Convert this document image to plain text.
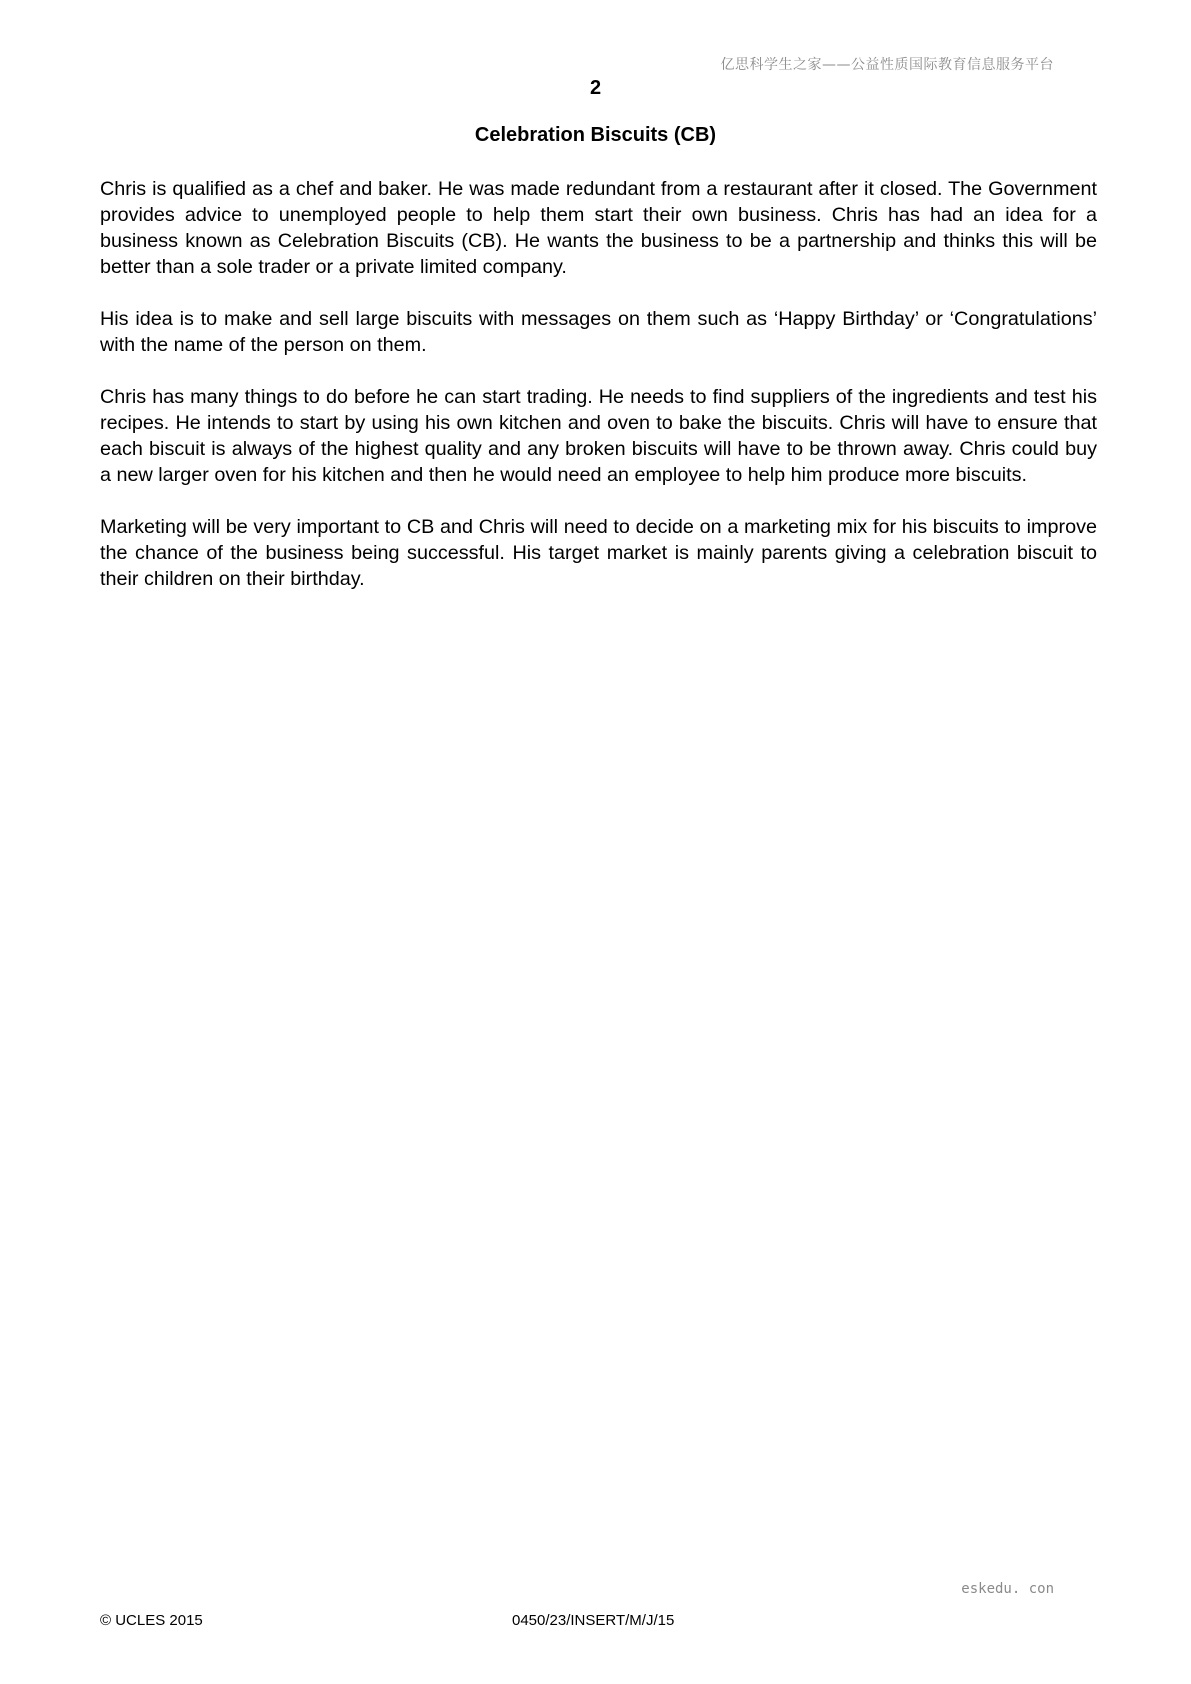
亿思科学生之家——公益性质国际教育信息服务平台
2
Celebration Biscuits (CB)

Chris is qualified as a chef and baker. He was made redundant from a restaurant after it closed. The Government provides advice to unemployed people to help them start their own business. Chris has had an idea for a business known as Celebration Biscuits (CB). He wants the business to be a partnership and thinks this will be better than a sole trader or a private limited company.

His idea is to make and sell large biscuits with messages on them such as ‘Happy Birthday’ or ‘Congratulations’ with the name of the person on them.

Chris has many things to do before he can start trading. He needs to find suppliers of the ingredients and test his recipes. He intends to start by using his own kitchen and oven to bake the biscuits. Chris will have to ensure that each biscuit is always of the highest quality and any broken biscuits will have to be thrown away. Chris could buy a new larger oven for his kitchen and then he would need an employee to help him produce more biscuits.

Marketing will be very important to CB and Chris will need to decide on a marketing mix for his biscuits to improve the chance of the business being successful. His target market is mainly parents giving a celebration biscuit to their children on their birthday.

eskedu. con
© UCLES 2015	0450/23/INSERT/M/J/15
